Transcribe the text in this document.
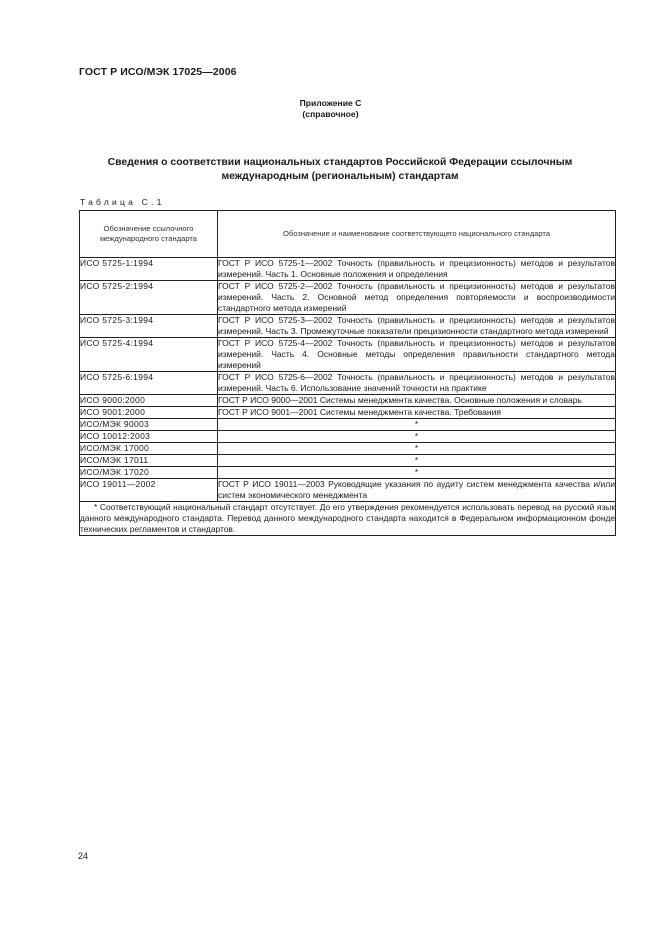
ГОСТ Р ИСО/МЭК 17025—2006
Приложение С
(справочное)
Сведения о соответствии национальных стандартов Российской Федерации ссылочным международным (региональным) стандартам
Таблица С.1
Обозначение ссылочного международного стандарта	Обозначение и наименование соответствующего национального стандарта
ИСО 5725-1:1994	ГОСТ Р ИСО 5725-1—2002 Точность (правильность и прецизионность) методов и результатов измерений. Часть 1. Основные положения и определения
ИСО 5725-2:1994	ГОСТ Р ИСО 5725-2—2002 Точность (правильность и прецизионность) методов и результатов измерений. Часть 2. Основной метод определения повторяемости и воспроизводимости стандартного метода измерений
ИСО 5725-3:1994	ГОСТ Р ИСО 5725-3—2002 Точность (правильность и прецизионность) методов и результатов измерений. Часть 3. Промежуточные показатели прецизионности стандартного метода измерений
ИСО 5725-4:1994	ГОСТ Р ИСО 5725-4—2002 Точность (правильность и прецизионность) методов и результатов измерений. Часть 4. Основные методы определения правильности стандартного метода измерений
ИСО 5725-6:1994	ГОСТ Р ИСО 5725-6—2002 Точность (правильность и прецизионность) методов и результатов измерений. Часть 6. Использование значений точности на практике
ИСО 9000:2000	ГОСТ Р ИСО 9000—2001 Системы менеджмента качества. Основные положения и словарь
ИСО 9001:2000	ГОСТ Р ИСО 9001—2001 Системы менеджмента качества. Требования
ИСО/МЭК 90003	*
ИСО 10012:2003	*
ИСО/МЭК 17000	*
ИСО/МЭК 17011	*
ИСО/МЭК 17020	*
ИСО 19011—2002	ГОСТ Р ИСО 19011—2003 Руководящие указания по аудиту систем менеджмента качества и/или систем экономического менеджмента
* Соответствующий национальный стандарт отсутствует. До его утверждения рекомендуется использовать перевод на русский язык данного международного стандарта. Перевод данного международного стандарта находится в Федеральном информационном фонде технических регламентов и стандартов.	
24
